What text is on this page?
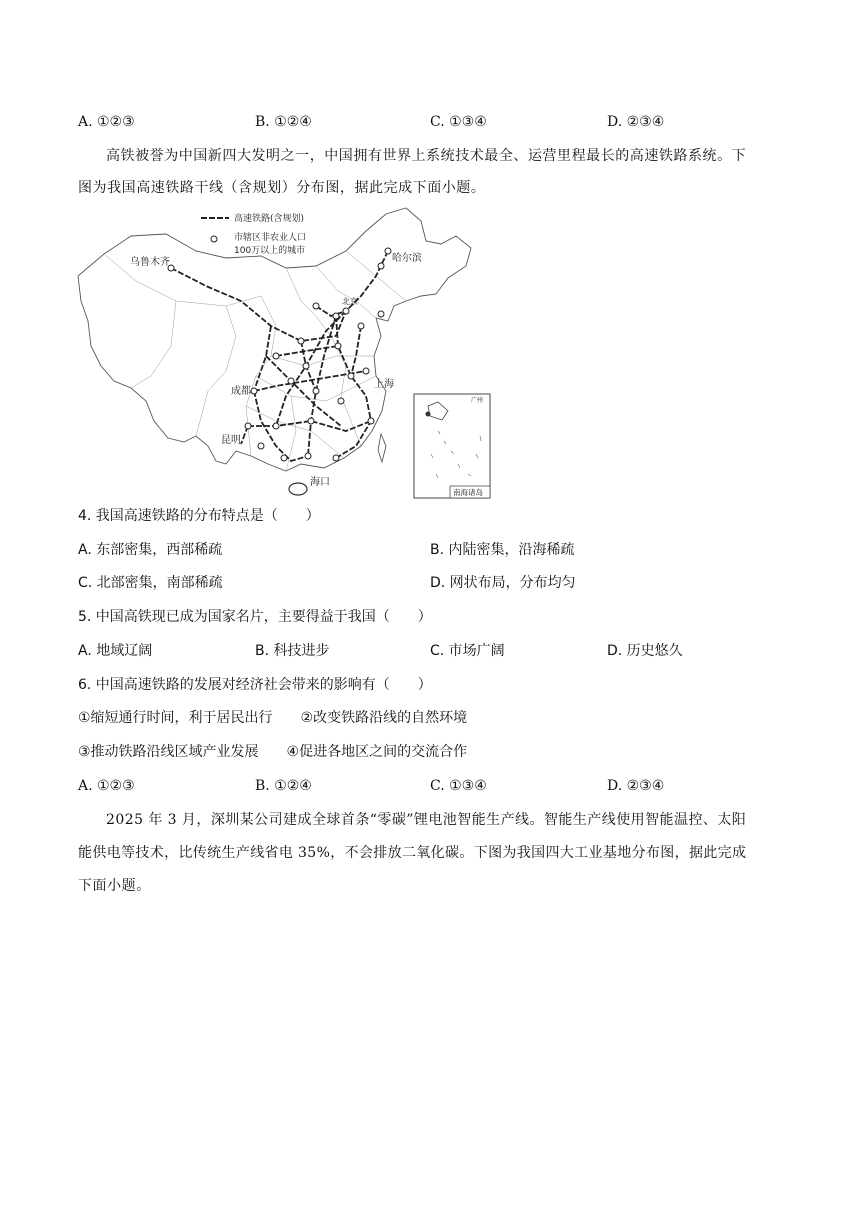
A. ①②③	B. ①②④	C. ①③④	D. ②③④
高铁被誉为中国新四大发明之一，中国拥有世界上系统技术最全、运营里程最长的高速铁路系统。下
图为我国高速铁路干线（含规划）分布图，据此完成下面小题。
高速铁路(含规划)
市辖区非农业人口
100万以上的城市
乌鲁木齐	哈尔滨
北京
成都
上海
昆明
海口
广州
南海诸岛
4. 我国高速铁路的分布特点是（　　）
A. 东部密集，西部稀疏	B. 内陆密集，沿海稀疏
C. 北部密集，南部稀疏	D. 网状布局，分布均匀
5. 中国高铁现已成为国家名片，主要得益于我国（　　）
A. 地域辽阔	B. 科技进步	C. 市场广阔	D. 历史悠久
6. 中国高速铁路的发展对经济社会带来的影响有（　　）
①缩短通行时间，利于居民出行　　②改变铁路沿线的自然环境
③推动铁路沿线区域产业发展　　④促进各地区之间的交流合作
A. ①②③	B. ①②④	C. ①③④	D. ②③④
2025 年 3 月，深圳某公司建成全球首条“零碳”锂电池智能生产线。智能生产线使用智能温控、太阳
能供电等技术，比传统生产线省电 35%，不会排放二氧化碳。下图为我国四大工业基地分布图，据此完成
下面小题。
